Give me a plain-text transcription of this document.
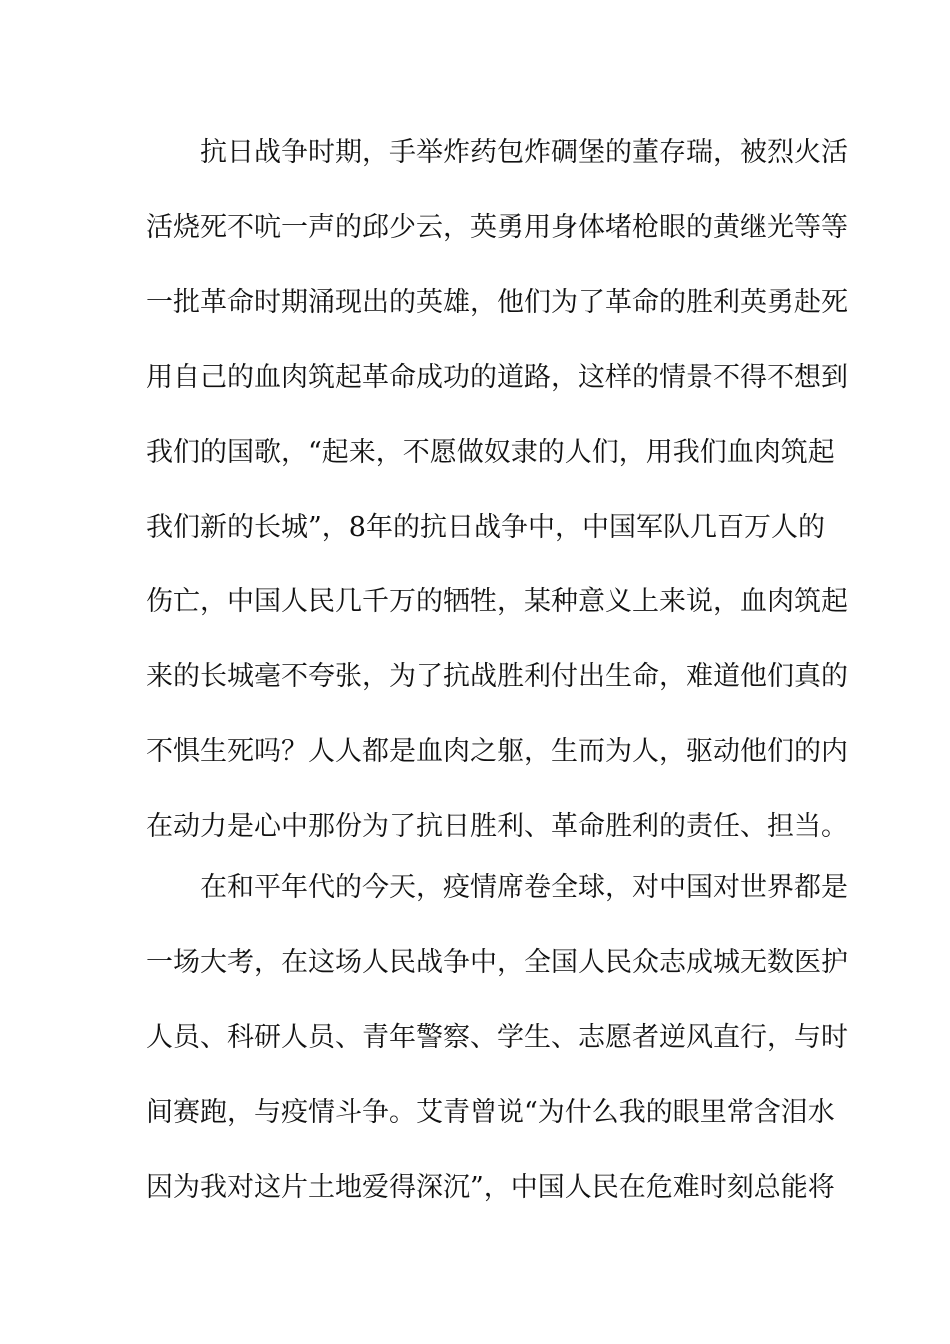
抗日战争时期，手举炸药包炸碉堡的董存瑞，被烈火活
活烧死不吭一声的邱少云，英勇用身体堵枪眼的黄继光等等
一批革命时期涌现出的英雄，他们为了革命的胜利英勇赴死
用自己的血肉筑起革命成功的道路，这样的情景不得不想到
我们的国歌，“起来，不愿做奴隶的人们，用我们血肉筑起
我们新的长城”，8年的抗日战争中，中国军队几百万人的
伤亡，中国人民几千万的牺牲，某种意义上来说，血肉筑起
来的长城毫不夸张，为了抗战胜利付出生命，难道他们真的
不惧生死吗？人人都是血肉之躯，生而为人，驱动他们的内
在动力是心中那份为了抗日胜利、革命胜利的责任、担当。
在和平年代的今天，疫情席卷全球，对中国对世界都是
一场大考，在这场人民战争中，全国人民众志成城无数医护
人员、科研人员、青年警察、学生、志愿者逆风直行，与时
间赛跑，与疫情斗争。艾青曾说“为什么我的眼里常含泪水
因为我对这片土地爱得深沉”，中国人民在危难时刻总能将
